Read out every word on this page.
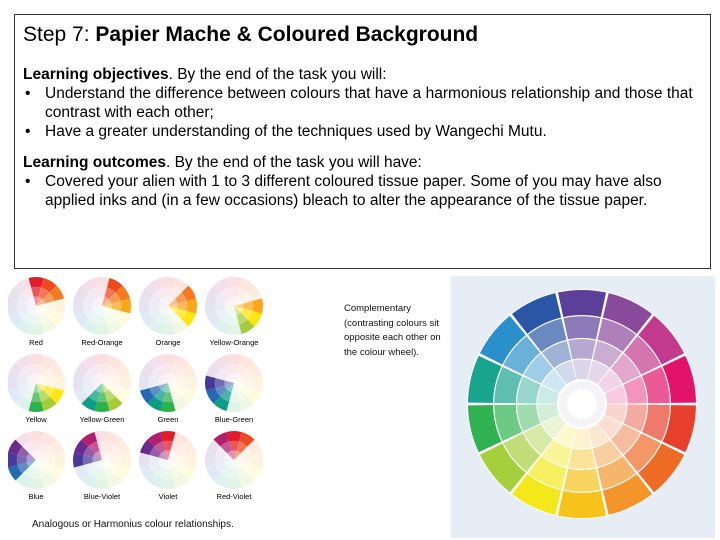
Step 7: Papier Mache & Coloured Background
Learning objectives. By the end of the task you will:
• Understand the difference between colours that have a harmonious relationship and those that contrast with each other;
• Have a greater understanding of the techniques used by Wangechi Mutu.
Learning outcomes. By the end of the task you will have:
• Covered your alien with 1 to 3 different coloured tissue paper. Some of you may have also applied inks and (in a few occasions) bleach to alter the appearance of the tissue paper.
Red	Red-Orange	Orange	Yellow-Orange
Yellow	Yellow-Green	Green	Blue-Green
Blue	Blue-Violet	Violet	Red-Violet
Complementary (contrasting colours sit opposite each other on the colour wheel).
Analogous or Harmonius colour relationships.
